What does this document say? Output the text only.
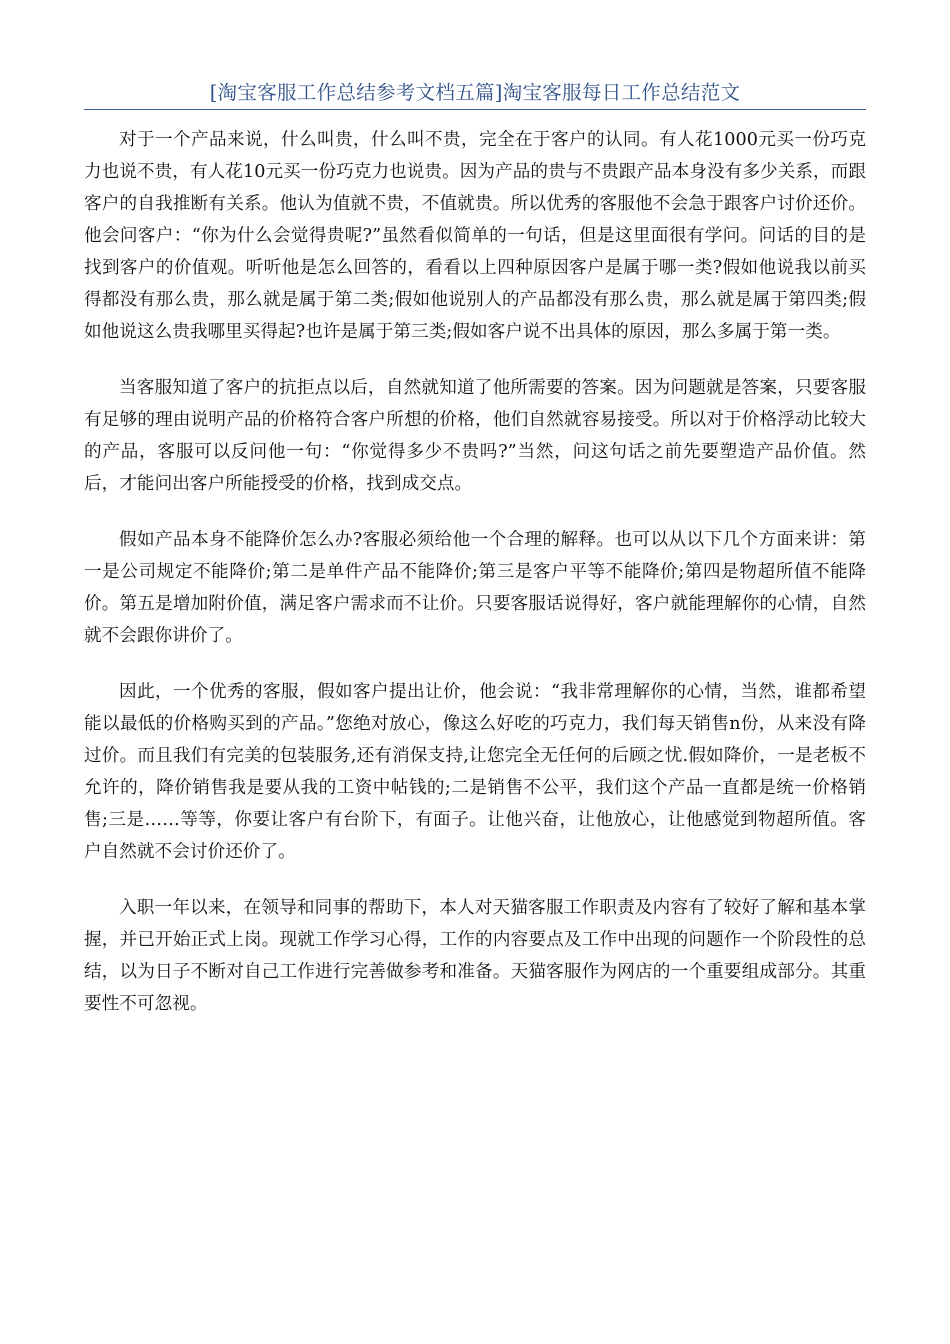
[淘宝客服工作总结参考文档五篇]淘宝客服每日工作总结范文

对于一个产品来说，什么叫贵，什么叫不贵，完全在于客户的认同。有人花1000元买一份巧克力也说不贵，有人花10元买一份巧克力也说贵。因为产品的贵与不贵跟产品本身没有多少关系，而跟客户的自我推断有关系。他认为值就不贵，不值就贵。所以优秀的客服他不会急于跟客户讨价还价。他会问客户：“你为什么会觉得贵呢?”虽然看似简单的一句话，但是这里面很有学问。问话的目的是找到客户的价值观。听听他是怎么回答的，看看以上四种原因客户是属于哪一类?假如他说我以前买得都没有那么贵，那么就是属于第二类;假如他说别人的产品都没有那么贵，那么就是属于第四类;假如他说这么贵我哪里买得起?也许是属于第三类;假如客户说不出具体的原因，那么多属于第一类。

当客服知道了客户的抗拒点以后，自然就知道了他所需要的答案。因为问题就是答案，只要客服有足够的理由说明产品的价格符合客户所想的价格，他们自然就容易接受。所以对于价格浮动比较大的产品，客服可以反问他一句：“你觉得多少不贵吗?”当然，问这句话之前先要塑造产品价值。然后，才能问出客户所能授受的价格，找到成交点。

假如产品本身不能降价怎么办?客服必须给他一个合理的解释。也可以从以下几个方面来讲：第一是公司规定不能降价;第二是单件产品不能降价;第三是客户平等不能降价;第四是物超所值不能降价。第五是增加附价值，满足客户需求而不让价。只要客服话说得好，客户就能理解你的心情，自然就不会跟你讲价了。

因此，一个优秀的客服，假如客户提出让价，他会说：“我非常理解你的心情，当然，谁都希望能以最低的价格购买到的产品。”您绝对放心，像这么好吃的巧克力，我们每天销售n份，从来没有降过价。而且我们有完美的包装服务,还有消保支持,让您完全无任何的后顾之忧.假如降价，一是老板不允许的，降价销售我是要从我的工资中帖钱的;二是销售不公平，我们这个产品一直都是统一价格销售;三是……等等，你要让客户有台阶下，有面子。让他兴奋，让他放心，让他感觉到物超所值。客户自然就不会讨价还价了。

入职一年以来，在领导和同事的帮助下，本人对天猫客服工作职责及内容有了较好了解和基本掌握，并已开始正式上岗。现就工作学习心得，工作的内容要点及工作中出现的问题作一个阶段性的总结，以为日子不断对自己工作进行完善做参考和准备。天猫客服作为网店的一个重要组成部分。其重要性不可忽视。
